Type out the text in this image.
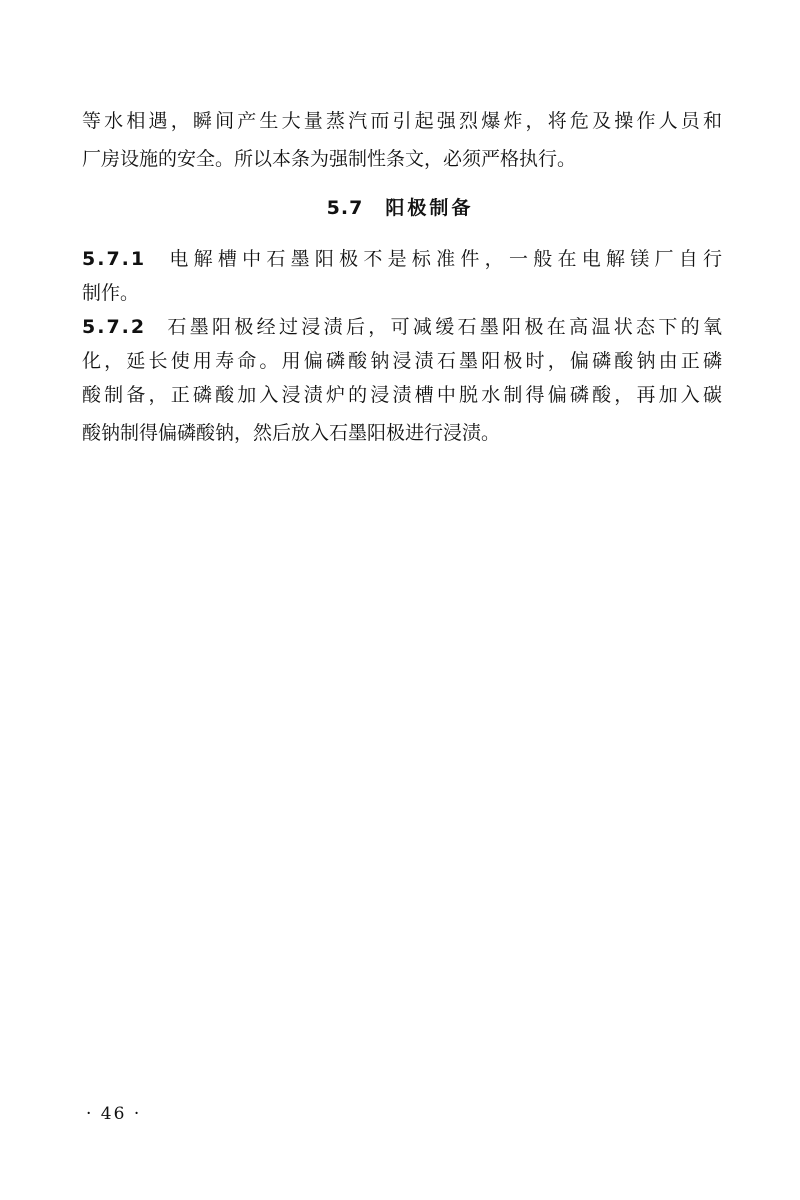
等水相遇，瞬间产生大量蒸汽而引起强烈爆炸，将危及操作人员和
厂房设施的安全。所以本条为强制性条文，必须严格执行。
5.7 阳极制备
5.7.1 电解槽中石墨阳极不是标准件，一般在电解镁厂自行
制作。
5.7.2 石墨阳极经过浸渍后，可减缓石墨阳极在高温状态下的氧
化，延长使用寿命。用偏磷酸钠浸渍石墨阳极时，偏磷酸钠由正磷
酸制备，正磷酸加入浸渍炉的浸渍槽中脱水制得偏磷酸，再加入碳
酸钠制得偏磷酸钠，然后放入石墨阳极进行浸渍。
· 46 ·
